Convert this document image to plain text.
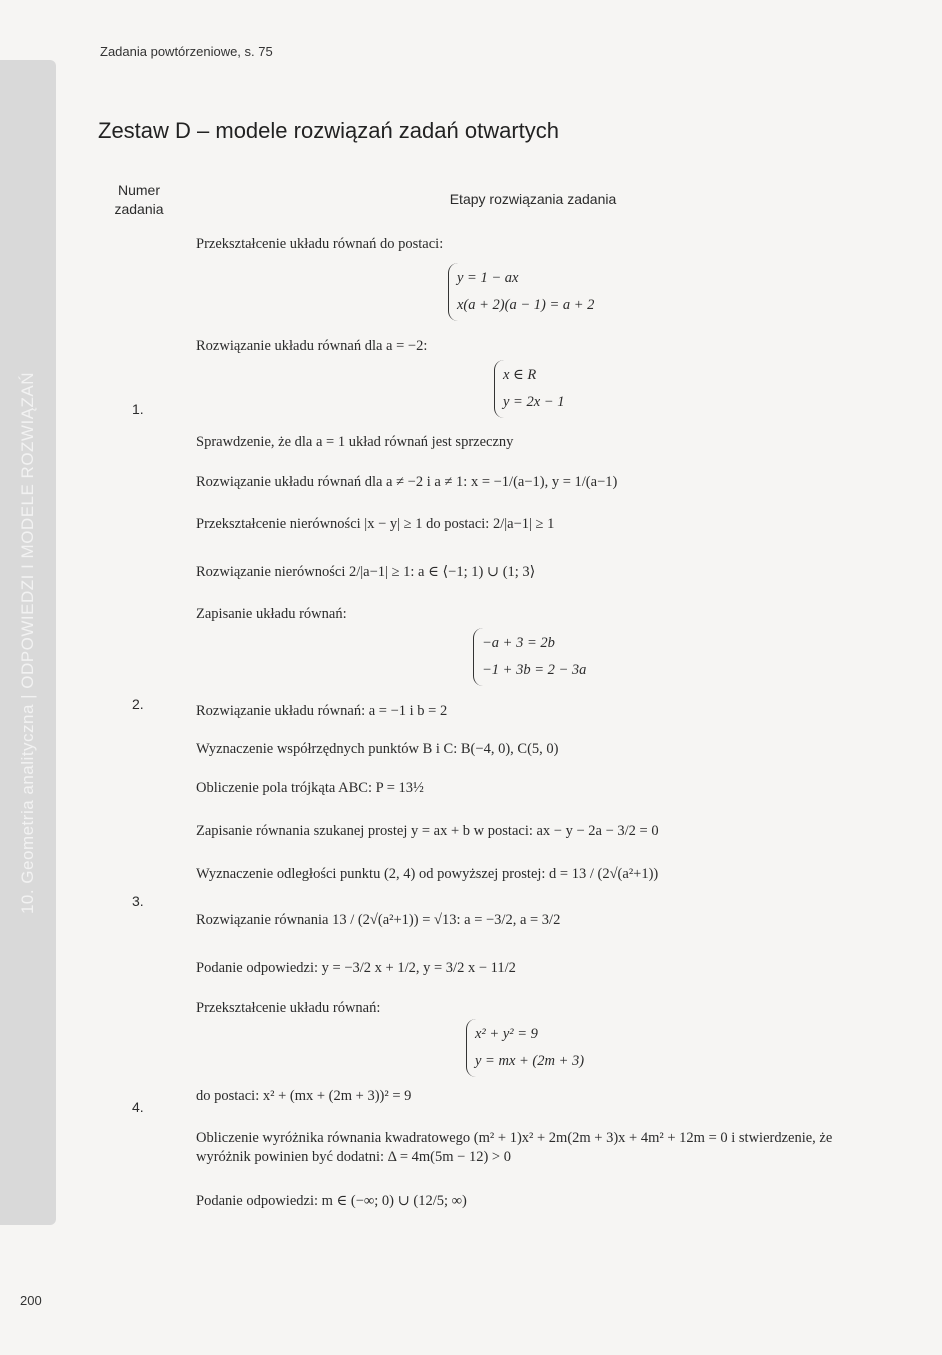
10. Geometria analityczna | ODPOWIEDZI I MODELE ROZWIĄZAŃ
Zadania powtórzeniowe, s. 75
Zestaw D – modele rozwiązań zadań otwartych
Numer zadania
Etapy rozwiązania zadania
1.
Przekształcenie układu równań do postaci:
y = 1 − ax
x(a + 2)(a − 1) = a + 2
Rozwiązanie układu równań dla a = −2:
x ∈ R
y = 2x − 1
Sprawdzenie, że dla a = 1 układ równań jest sprzeczny
Rozwiązanie układu równań dla a ≠ −2 i a ≠ 1: x = −1/(a−1), y = 1/(a−1)
Przekształcenie nierówności |x − y| ≥ 1 do postaci: 2/|a−1| ≥ 1
Rozwiązanie nierówności 2/|a−1| ≥ 1: a ∈ ⟨−1; 1) ∪ (1; 3⟩
2.
Zapisanie układu równań:
−a + 3 = 2b
−1 + 3b = 2 − 3a
Rozwiązanie układu równań: a = −1 i b = 2
Wyznaczenie współrzędnych punktów B i C: B(−4, 0), C(5, 0)
Obliczenie pola trójkąta ABC: P = 13½
3.
Zapisanie równania szukanej prostej y = ax + b w postaci: ax − y − 2a − 3/2 = 0
Wyznaczenie odległości punktu (2, 4) od powyższej prostej: d = 13 / (2√(a²+1))
Rozwiązanie równania 13 / (2√(a²+1)) = √13: a = −3/2, a = 3/2
Podanie odpowiedzi: y = −3/2 x + 1/2, y = 3/2 x − 11/2
4.
Przekształcenie układu równań:
x² + y² = 9
y = mx + (2m + 3)
do postaci: x² + (mx + (2m + 3))² = 9
Obliczenie wyróżnika równania kwadratowego (m² + 1)x² + 2m(2m + 3)x + 4m² + 12m = 0 i stwierdzenie, że wyróżnik powinien być dodatni: Δ = 4m(5m − 12) > 0
Podanie odpowiedzi: m ∈ (−∞; 0) ∪ (12/5; ∞)
200
